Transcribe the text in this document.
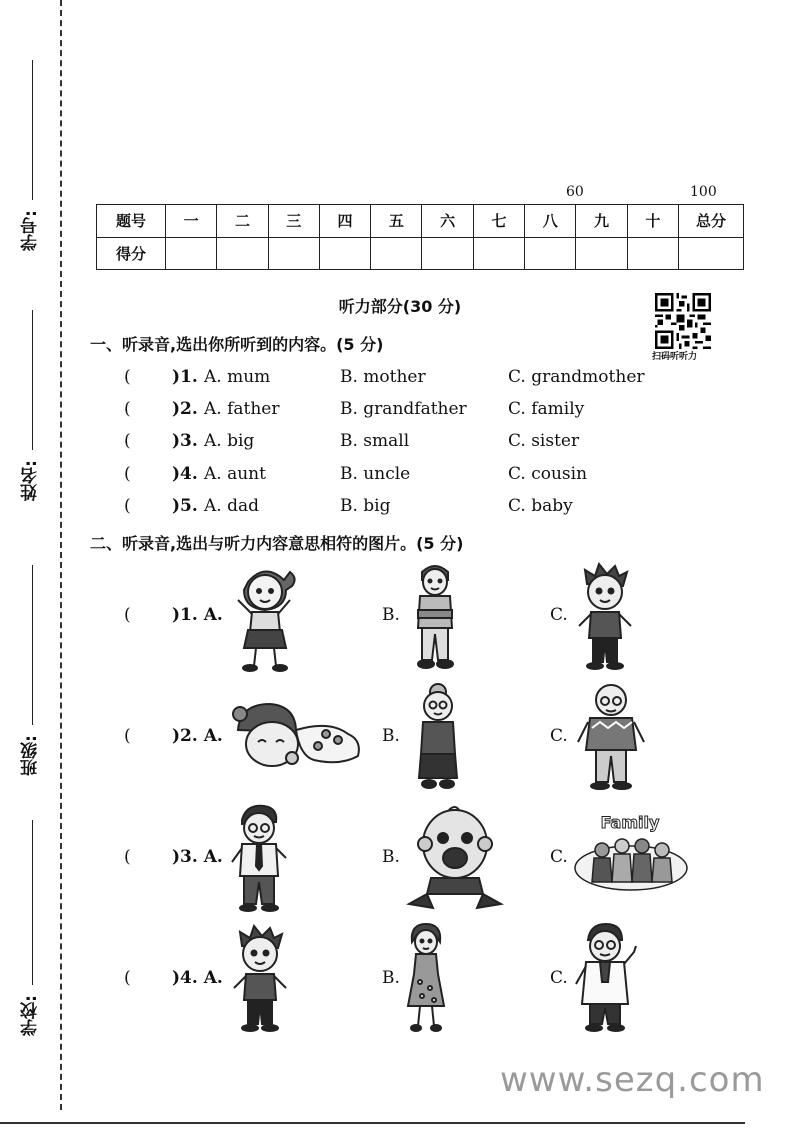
学号:
姓名:
班级:
学校:
60	100
题号	一	二	三	四	五	六	七	八	九	十	总分
得分											
听力部分(30 分)
扫码听听力
一、听录音,选出你所听到的内容。(5 分)
( )1. A. mum	B. mother	C. grandmother
( )2. A. father	B. grandfather C. family
( )3. A. big	B. small	C. sister
( )4. A. aunt	B. uncle	C. cousin
( )5. A. dad	B. big	C. baby
二、听录音,选出与听力内容意思相符的图片。(5 分)
( )1. A.	B.	C.
( )2. A.	B.	C.
( )3. A.	B.	C.
Family
( )4. A.	B.	C.
www.sezq.com
